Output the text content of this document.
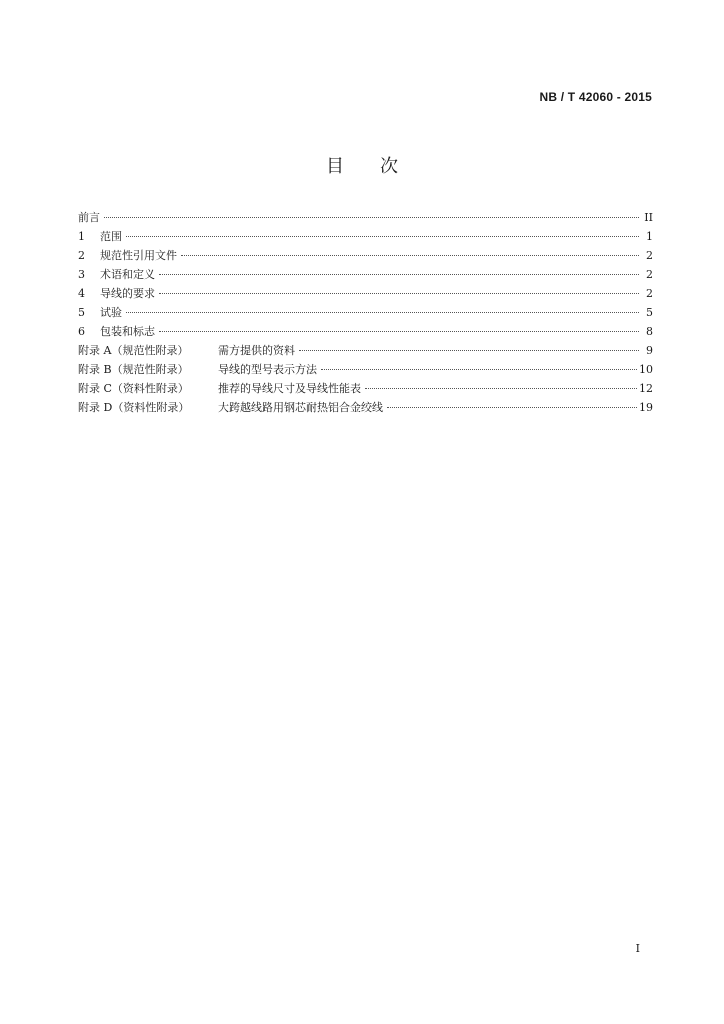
NB / T 42060 - 2015
目　　次
前言	II
1	范围	1
2	规范性引用文件	2
3	术语和定义	2
4	导线的要求	2
5	试验	5
6	包装和标志	8
附录 A（规范性附录）	需方提供的资料	9
附录 B（规范性附录）	导线的型号表示方法	10
附录 C（资料性附录）	推荐的导线尺寸及导线性能表	12
附录 D（资料性附录）	大跨越线路用钢芯耐热铝合金绞线	19
I
